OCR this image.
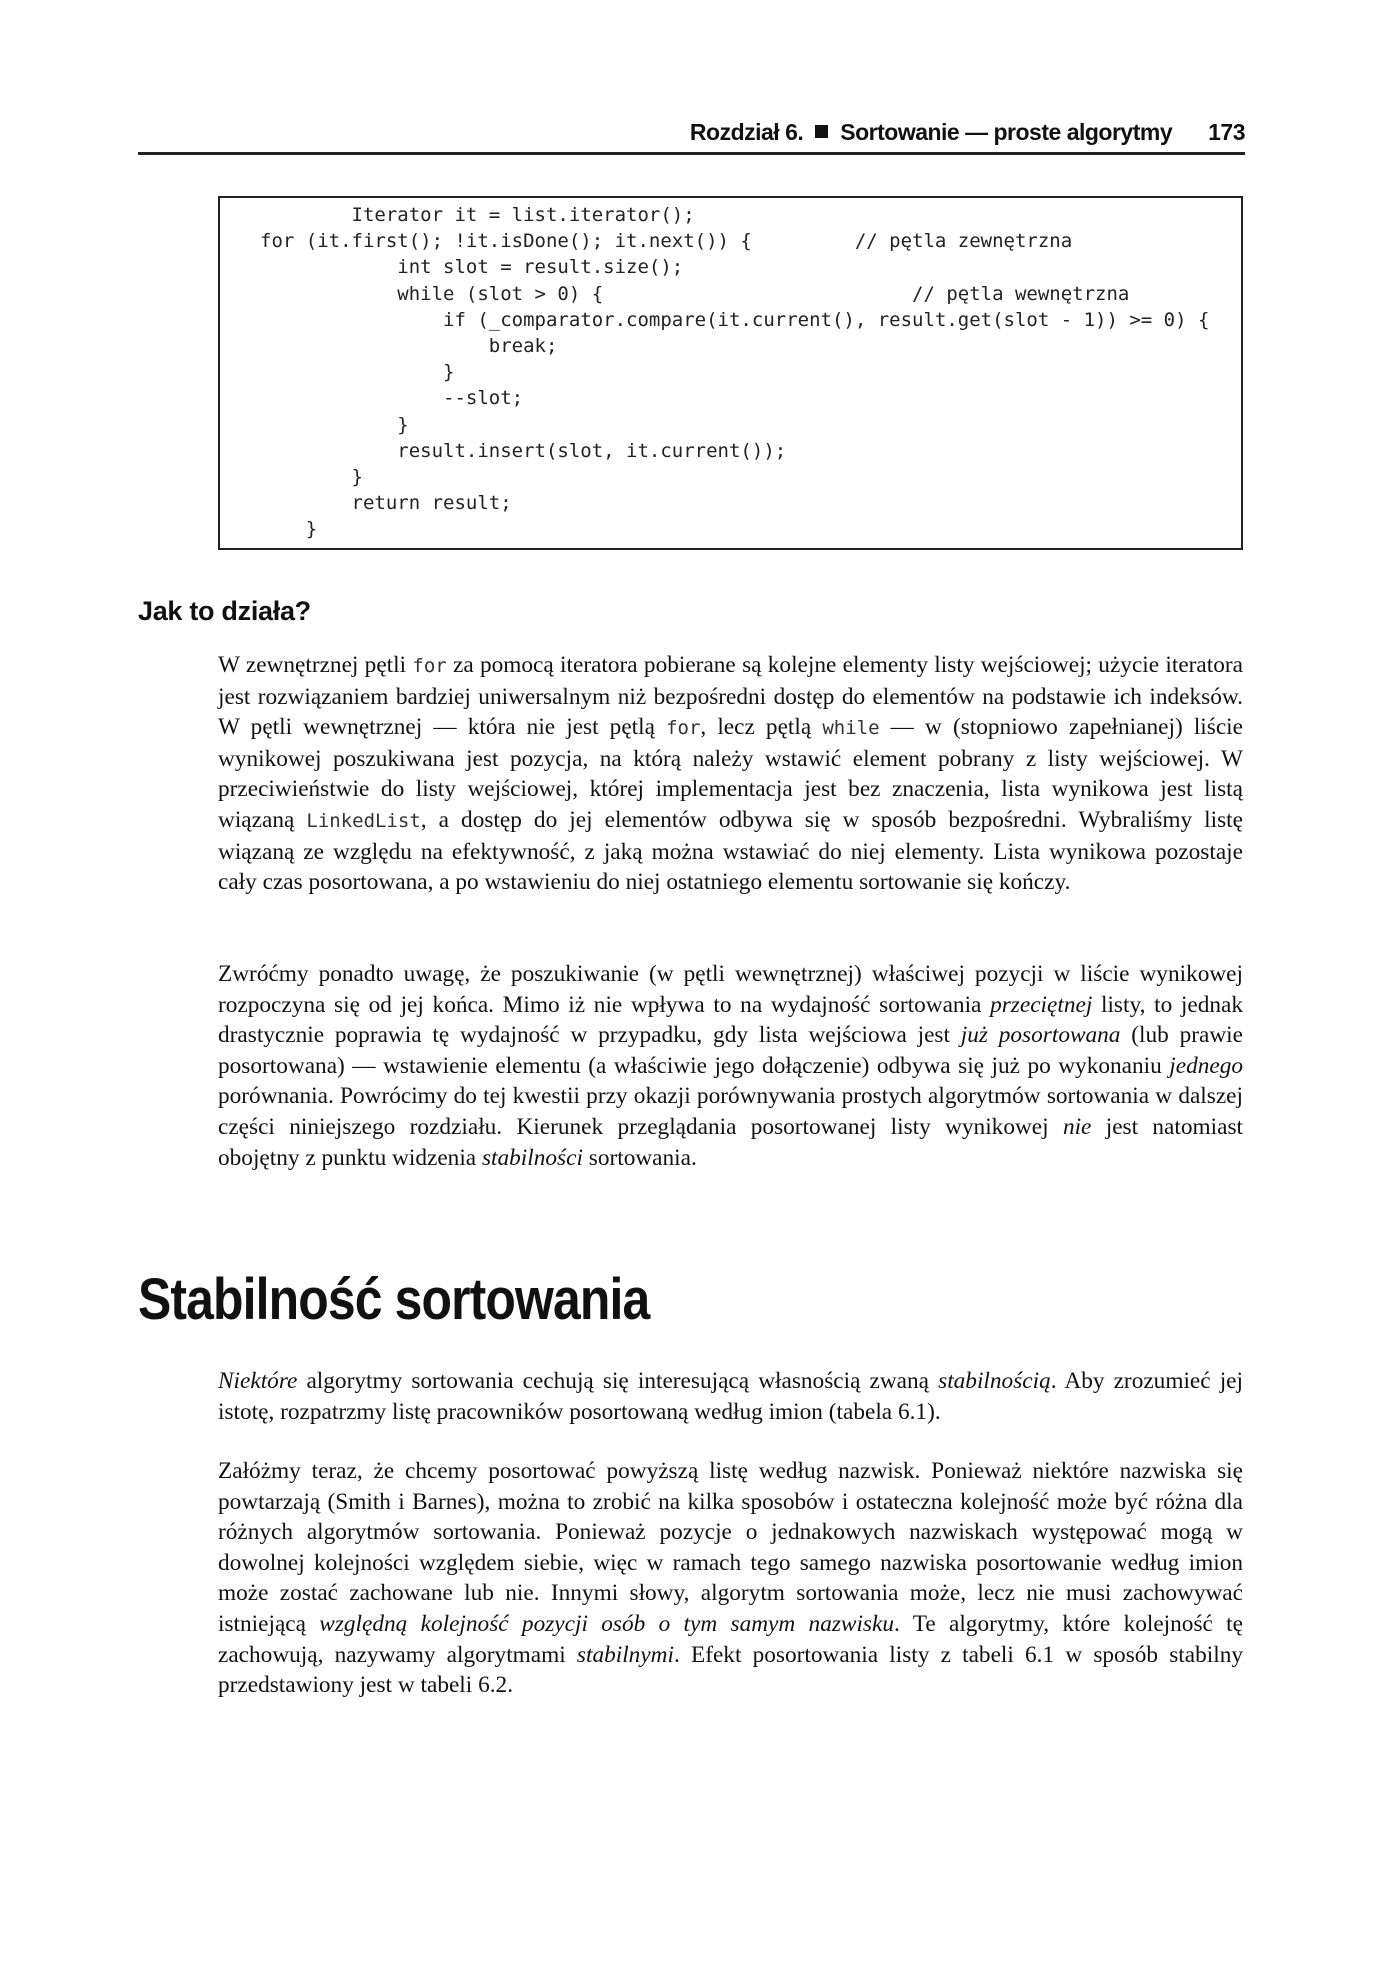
Rozdział 6. Sortowanie — proste algorytmy 173
Iterator it = list.iterator();
for (it.first(); !it.isDone(); it.next()) {         // pętla zewnętrzna
int slot = result.size();
while (slot > 0) {                           // pętla wewnętrzna
if (_comparator.compare(it.current(), result.get(slot - 1)) >= 0) {
break;
}
--slot;
}
result.insert(slot, it.current());
}
return result;
}
Jak to działa?

W zewnętrznej pętli for za pomocą iteratora pobierane są kolejne elementy listy wejściowej; użycie iteratora jest rozwiązaniem bardziej uniwersalnym niż bezpośredni dostęp do elementów na podstawie ich indeksów. W pętli wewnętrznej — która nie jest pętlą for, lecz pętlą while — w (stopniowo zapełnianej) liście wynikowej poszukiwana jest pozycja, na którą należy wstawić element pobrany z listy wejściowej. W przeciwieństwie do listy wejściowej, której implementacja jest bez znaczenia, lista wynikowa jest listą wiązaną LinkedList, a dostęp do jej elementów odbywa się w sposób bezpośredni. Wybraliśmy listę wiązaną ze względu na efektywność, z jaką można wstawiać do niej elementy. Lista wynikowa pozostaje cały czas posortowana, a po wstawieniu do niej ostatniego elementu sortowanie się kończy.

Zwróćmy ponadto uwagę, że poszukiwanie (w pętli wewnętrznej) właściwej pozycji w liście wynikowej rozpoczyna się od jej końca. Mimo iż nie wpływa to na wydajność sortowania przeciętnej listy, to jednak drastycznie poprawia tę wydajność w przypadku, gdy lista wejściowa jest już posortowana (lub prawie posortowana) — wstawienie elementu (a właściwie jego dołączenie) odbywa się już po wykonaniu jednego porównania. Powrócimy do tej kwestii przy okazji porównywania prostych algorytmów sortowania w dalszej części niniejszego rozdziału. Kierunek przeglądania posortowanej listy wynikowej nie jest natomiast obojętny z punktu widzenia stabilności sortowania.

Stabilność sortowania

Niektóre algorytmy sortowania cechują się interesującą własnością zwaną stabilnością. Aby zrozumieć jej istotę, rozpatrzmy listę pracowników posortowaną według imion (tabela 6.1).

Załóżmy teraz, że chcemy posortować powyższą listę według nazwisk. Ponieważ niektóre nazwiska się powtarzają (Smith i Barnes), można to zrobić na kilka sposobów i ostateczna kolejność może być różna dla różnych algorytmów sortowania. Ponieważ pozycje o jednakowych nazwiskach występować mogą w dowolnej kolejności względem siebie, więc w ramach tego samego nazwiska posortowanie według imion może zostać zachowane lub nie. Innymi słowy, algorytm sortowania może, lecz nie musi zachowywać istniejącą względną kolejność pozycji osób o tym samym nazwisku. Te algorytmy, które kolejność tę zachowują, nazywamy algorytmami stabilnymi. Efekt posortowania listy z tabeli 6.1 w sposób stabilny przedstawiony jest w tabeli 6.2.
